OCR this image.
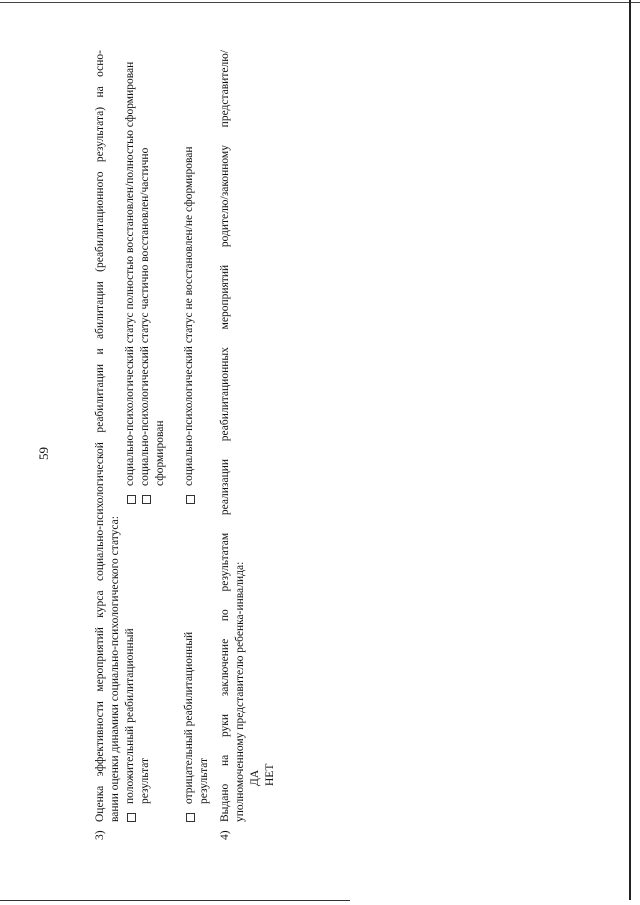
59
3)

Оценка эффективности мероприятий курса социально-психологической реабилитации и абилитации (реабилитационного результата) на осно- вании оценки динамики социально-психологического статуса: положительный реабилитационный
социально-психологический статус полностью восстановлен/полностью сформирован
результат
социально-психологический статус частично восстановлен/частично сформирован
отрицательный реабилитационный
социально-психологический статус не восстановлен/не сформирован
результат
4)

Выдано на руки заключение по результатам реализации реабилитационных мероприятий родителю/законному представителю/ уполномоченному представителю ребенка-инвалида: ДА НЕТ
